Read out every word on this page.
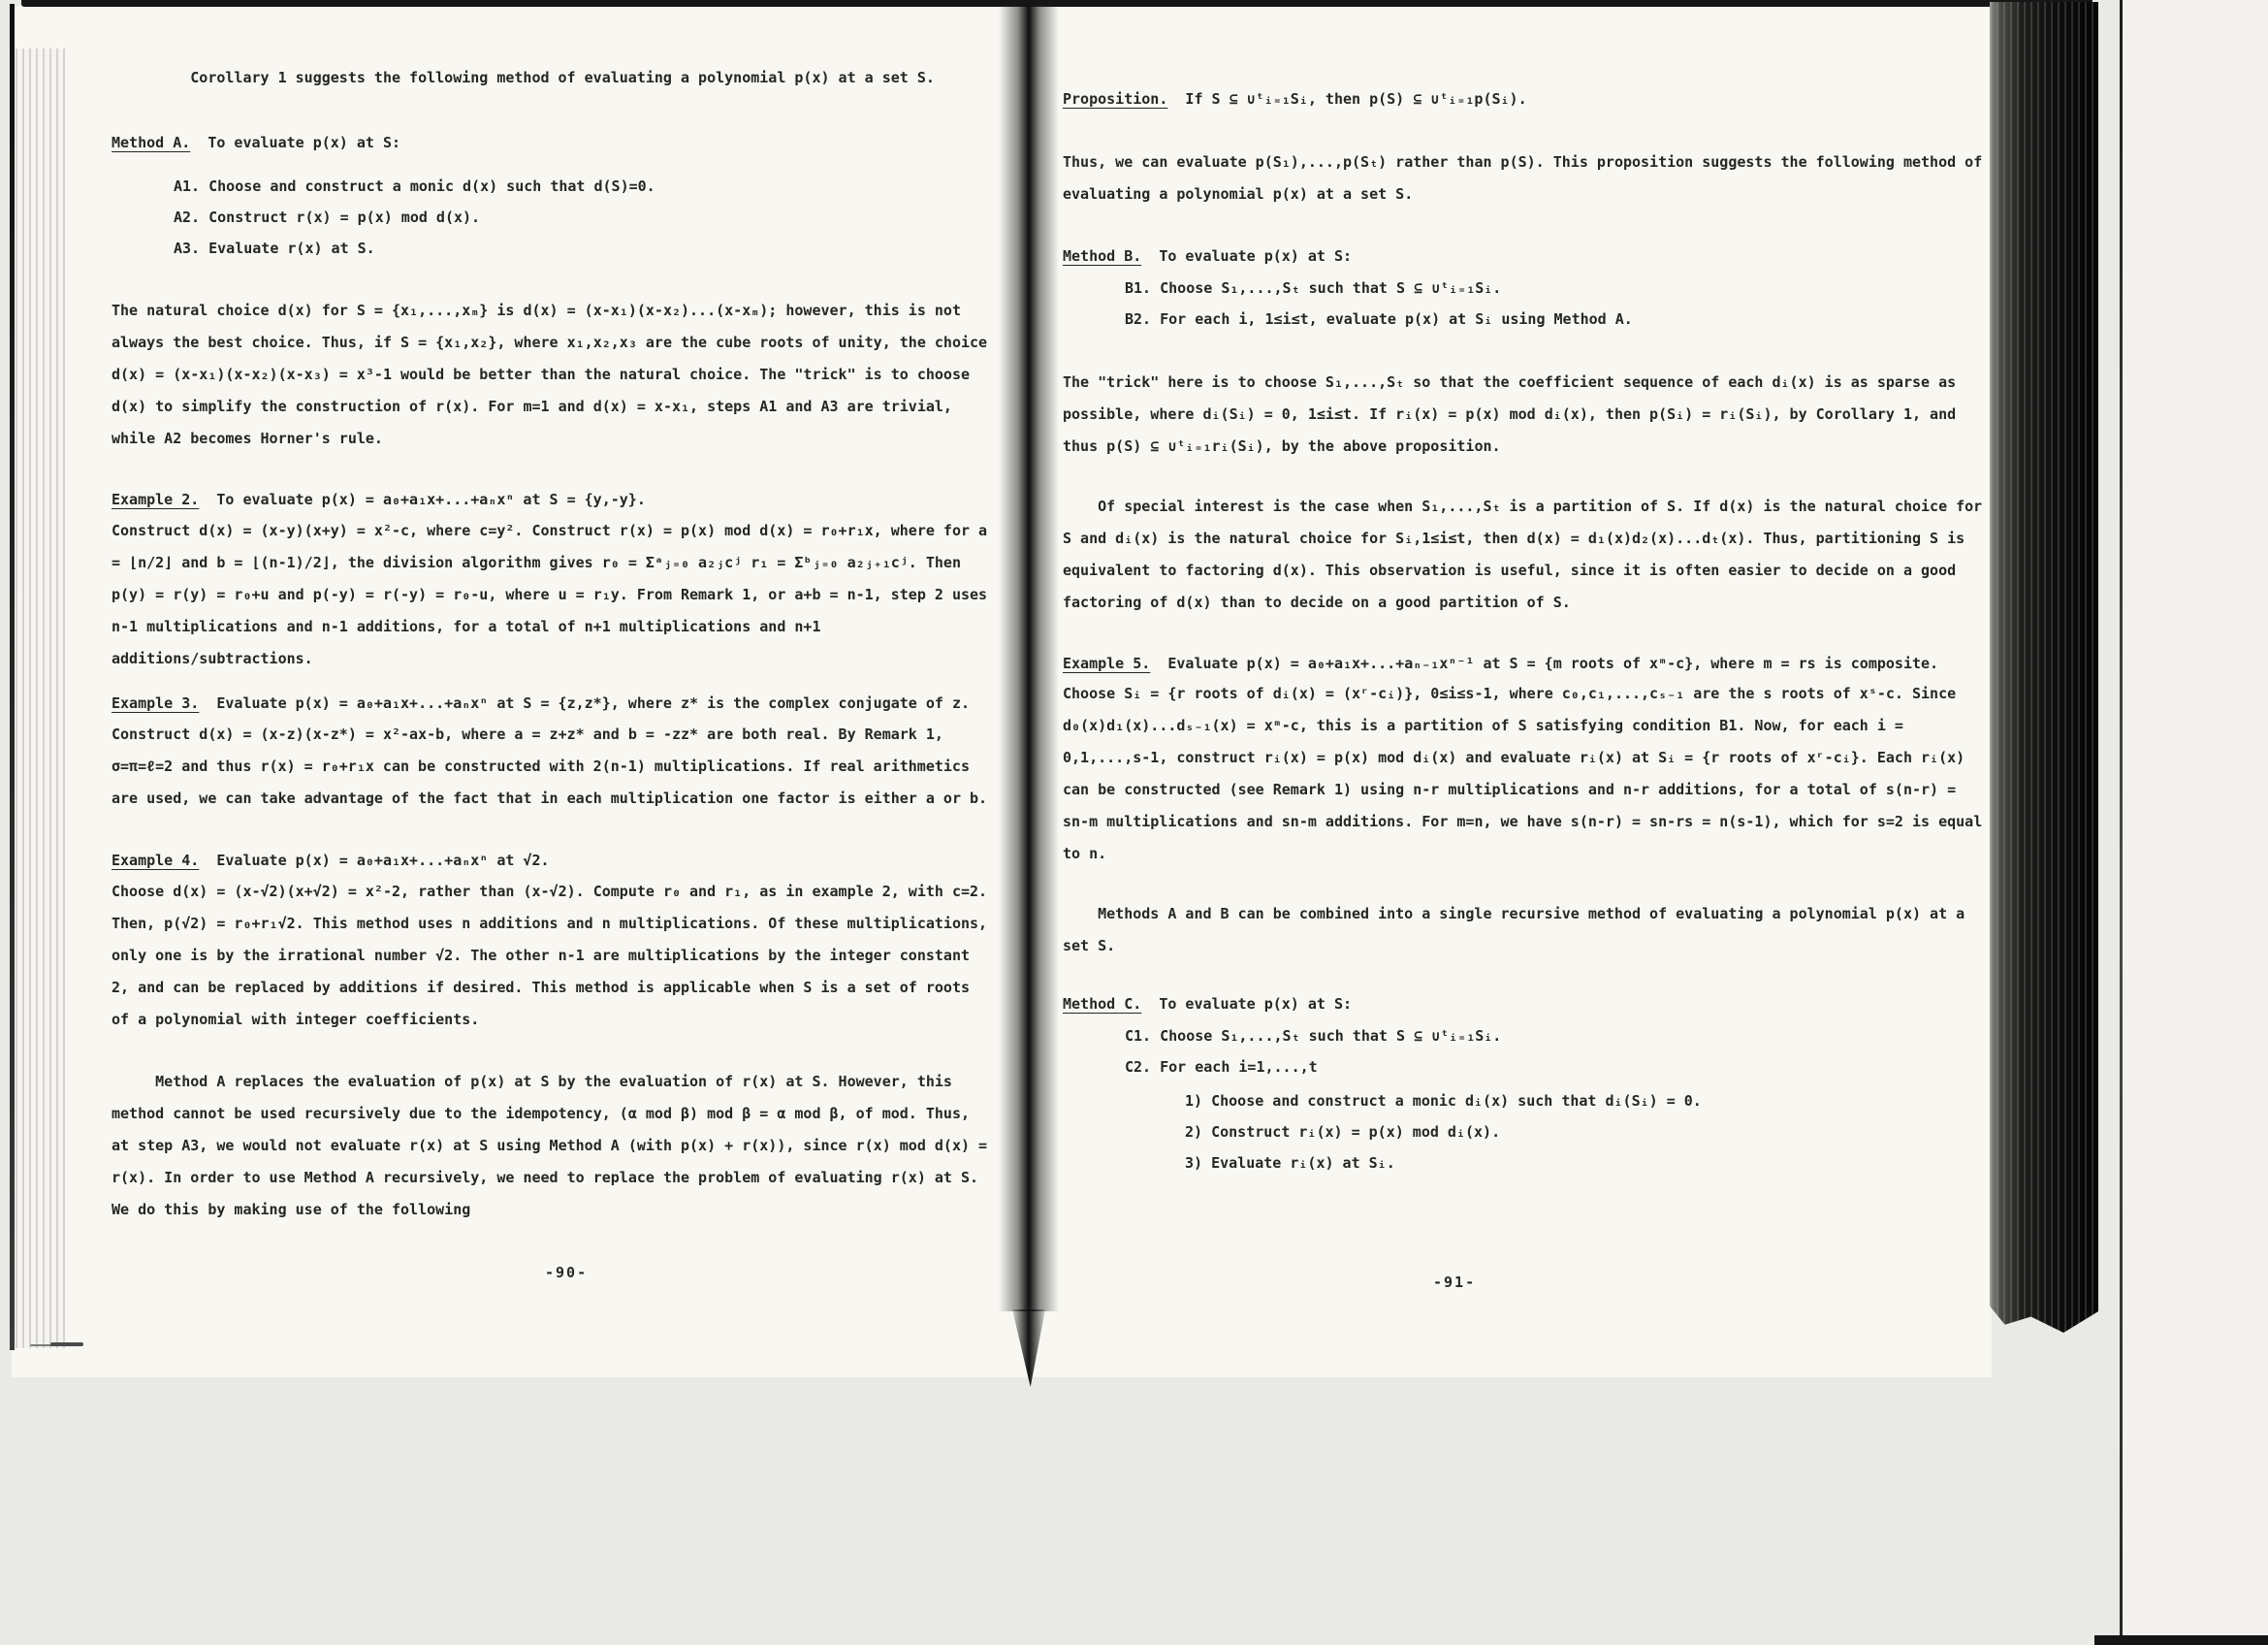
Corollary 1 suggests the following method of evaluating a polynomial p(x) at a set S.

Method A. To evaluate p(x) at S:

A1. Choose and construct a monic d(x) such that d(S)=0.

A2. Construct r(x) = p(x) mod d(x).

A3. Evaluate r(x) at S.

The natural choice d(x) for S = {x₁,...,xₘ} is d(x) = (x-x₁)(x-x₂)...(x-xₘ); however, this is not always the best choice. Thus, if S = {x₁,x₂}, where x₁,x₂,x₃ are the cube roots of unity, the choice d(x) = (x-x₁)(x-x₂)(x-x₃) = x³-1 would be better than the natural choice. The "trick" is to choose d(x) to simplify the construction of r(x). For m=1 and d(x) = x-x₁, steps A1 and A3 are trivial, while A2 becomes Horner's rule.

Example 2. To evaluate p(x) = a₀+a₁x+...+aₙxⁿ at S = {y,-y}.

Construct d(x) = (x-y)(x+y) = x²-c, where c=y². Construct r(x) = p(x) mod d(x) = r₀+r₁x, where for a = ⌊n/2⌋ and b = ⌊(n-1)/2⌋, the division algorithm gives r₀ = Σᵃⱼ₌₀ a₂ⱼcʲ r₁ = Σᵇⱼ₌₀ a₂ⱼ₊₁cʲ. Then p(y) = r(y) = r₀+u and p(-y) = r(-y) = r₀-u, where u = r₁y. From Remark 1, or a+b = n-1, step 2 uses n-1 multiplications and n-1 additions, for a total of n+1 multiplications and n+1 additions/subtractions.

Example 3. Evaluate p(x) = a₀+a₁x+...+aₙxⁿ at S = {z,z*}, where z* is the complex conjugate of z.

Construct d(x) = (x-z)(x-z*) = x²-ax-b, where a = z+z* and b = -zz* are both real. By Remark 1, σ=π=ℓ=2 and thus r(x) = r₀+r₁x can be constructed with 2(n-1) multiplications. If real arithmetics are used, we can take advantage of the fact that in each multiplication one factor is either a or b.

Example 4. Evaluate p(x) = a₀+a₁x+...+aₙxⁿ at √2.

Choose d(x) = (x-√2)(x+√2) = x²-2, rather than (x-√2). Compute r₀ and r₁, as in example 2, with c=2. Then, p(√2) = r₀+r₁√2. This method uses n additions and n multiplications. Of these multiplications, only one is by the irrational number √2. The other n-1 are multiplications by the integer constant 2, and can be replaced by additions if desired. This method is applicable when S is a set of roots of a polynomial with integer coefficients.

Method A replaces the evaluation of p(x) at S by the evaluation of r(x) at S. However, this method cannot be used recursively due to the idempotency, (α mod β) mod β = α mod β, of mod. Thus, at step A3, we would not evaluate r(x) at S using Method A (with p(x) + r(x)), since r(x) mod d(x) = r(x). In order to use Method A recursively, we need to replace the problem of evaluating r(x) at S. We do this by making use of the following

-90-

Proposition. If S ⊆ ∪ᵗᵢ₌₁Sᵢ, then p(S) ⊆ ∪ᵗᵢ₌₁p(Sᵢ).

Thus, we can evaluate p(S₁),...,p(Sₜ) rather than p(S). This proposition suggests the following method of evaluating a polynomial p(x) at a set S.

Method B. To evaluate p(x) at S:

B1. Choose S₁,...,Sₜ such that S ⊆ ∪ᵗᵢ₌₁Sᵢ.

B2. For each i, 1≤i≤t, evaluate p(x) at Sᵢ using Method A.

The "trick" here is to choose S₁,...,Sₜ so that the coefficient sequence of each dᵢ(x) is as sparse as possible, where dᵢ(Sᵢ) = 0, 1≤i≤t. If rᵢ(x) = p(x) mod dᵢ(x), then p(Sᵢ) = rᵢ(Sᵢ), by Corollary 1, and thus p(S) ⊆ ∪ᵗᵢ₌₁rᵢ(Sᵢ), by the above proposition.

Of special interest is the case when S₁,...,Sₜ is a partition of S. If d(x) is the natural choice for S and dᵢ(x) is the natural choice for Sᵢ,1≤i≤t, then d(x) = d₁(x)d₂(x)...dₜ(x). Thus, partitioning S is equivalent to factoring d(x). This observation is useful, since it is often easier to decide on a good factoring of d(x) than to decide on a good partition of S.

Example 5. Evaluate p(x) = a₀+a₁x+...+aₙ₋₁xⁿ⁻¹ at S = {m roots of xᵐ-c}, where m = rs is composite.

Choose Sᵢ = {r roots of dᵢ(x) = (xʳ-cᵢ)}, 0≤i≤s-1, where c₀,c₁,...,cₛ₋₁ are the s roots of xˢ-c. Since d₀(x)d₁(x)...dₛ₋₁(x) = xᵐ-c, this is a partition of S satisfying condition B1. Now, for each i = 0,1,...,s-1, construct rᵢ(x) = p(x) mod dᵢ(x) and evaluate rᵢ(x) at Sᵢ = {r roots of xʳ-cᵢ}. Each rᵢ(x) can be constructed (see Remark 1) using n-r multiplications and n-r additions, for a total of s(n-r) = sn-m multiplications and sn-m additions. For m=n, we have s(n-r) = sn-rs = n(s-1), which for s=2 is equal to n.

Methods A and B can be combined into a single recursive method of evaluating a polynomial p(x) at a set S.

Method C. To evaluate p(x) at S:

C1. Choose S₁,...,Sₜ such that S ⊆ ∪ᵗᵢ₌₁Sᵢ.

C2. For each i=1,...,t

1) Choose and construct a monic dᵢ(x) such that dᵢ(Sᵢ) = 0.

2) Construct rᵢ(x) = p(x) mod dᵢ(x).

3) Evaluate rᵢ(x) at Sᵢ.

-91-
